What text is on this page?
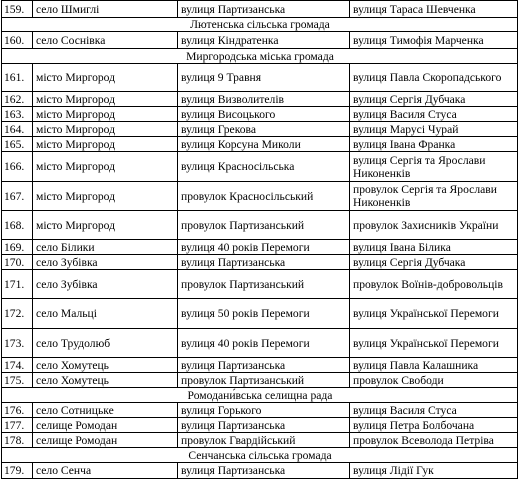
159.	село Шмиглі	вулиця Партизанська	вулиця Тараса Шевченка
Лютенська сільська громада			
160.	село Соснівка	вулиця Кіндратенка	вулиця Тимофія Марченка
Миргородська міська громада			
161.	місто Миргород	вулиця 9 Травня	вулиця Павла Скоропадського
162.	місто Миргород	вулиця Визволителів	вулиця Сергія Дубчака
163.	місто Миргород	вулиця Висоцького	вулиця Василя Стуса
164.	місто Миргород	вулиця Грекова	вулиця Марусі Чурай
165.	місто Миргород	вулиця Корсуна Миколи	вулиця Івана Франка
166.	місто Миргород	вулиця Красносільська	вулиця Сергія та Ярослави Никоненків
167.	місто Миргород	провулок Красносільський	провулок Сергія та Ярослави Никоненків
168.	місто Миргород	провулок Партизанський	провулок Захисників України
169.	село Білики	вулиця 40 років Перемоги	вулиця Івана Білика
170.	село Зубівка	вулиця Партизанська	вулиця Сергія Дубчака
171.	село Зубівка	провулок Партизанський	провулок Воїнів-добровольців
172.	село Мальці	вулиця 50 років Перемоги	вулиця Української Перемоги
173.	село Трудолюб	вулиця 40 років Перемоги	вулиця Української Перемоги
174.	село Хомутець	вулиця Партизанська	вулиця Павла Калашника
175.	село Хомутець	провулок Партизанський	провулок Свободи
Ромодани́вська селищна рада			
176.	село Сотницьке	вулиця Горького	вулиця Василя Стуса
177.	селище Ромодан	вулиця Партизанська	вулиця Петра Болбочана
178.	селище Ромодан	провулок Гвардійський	провулок Всеволода Петріва
Сенчанська сільська громада			
179.	село Сенча	вулиця Партизанська	вулиця Лідії Гук
